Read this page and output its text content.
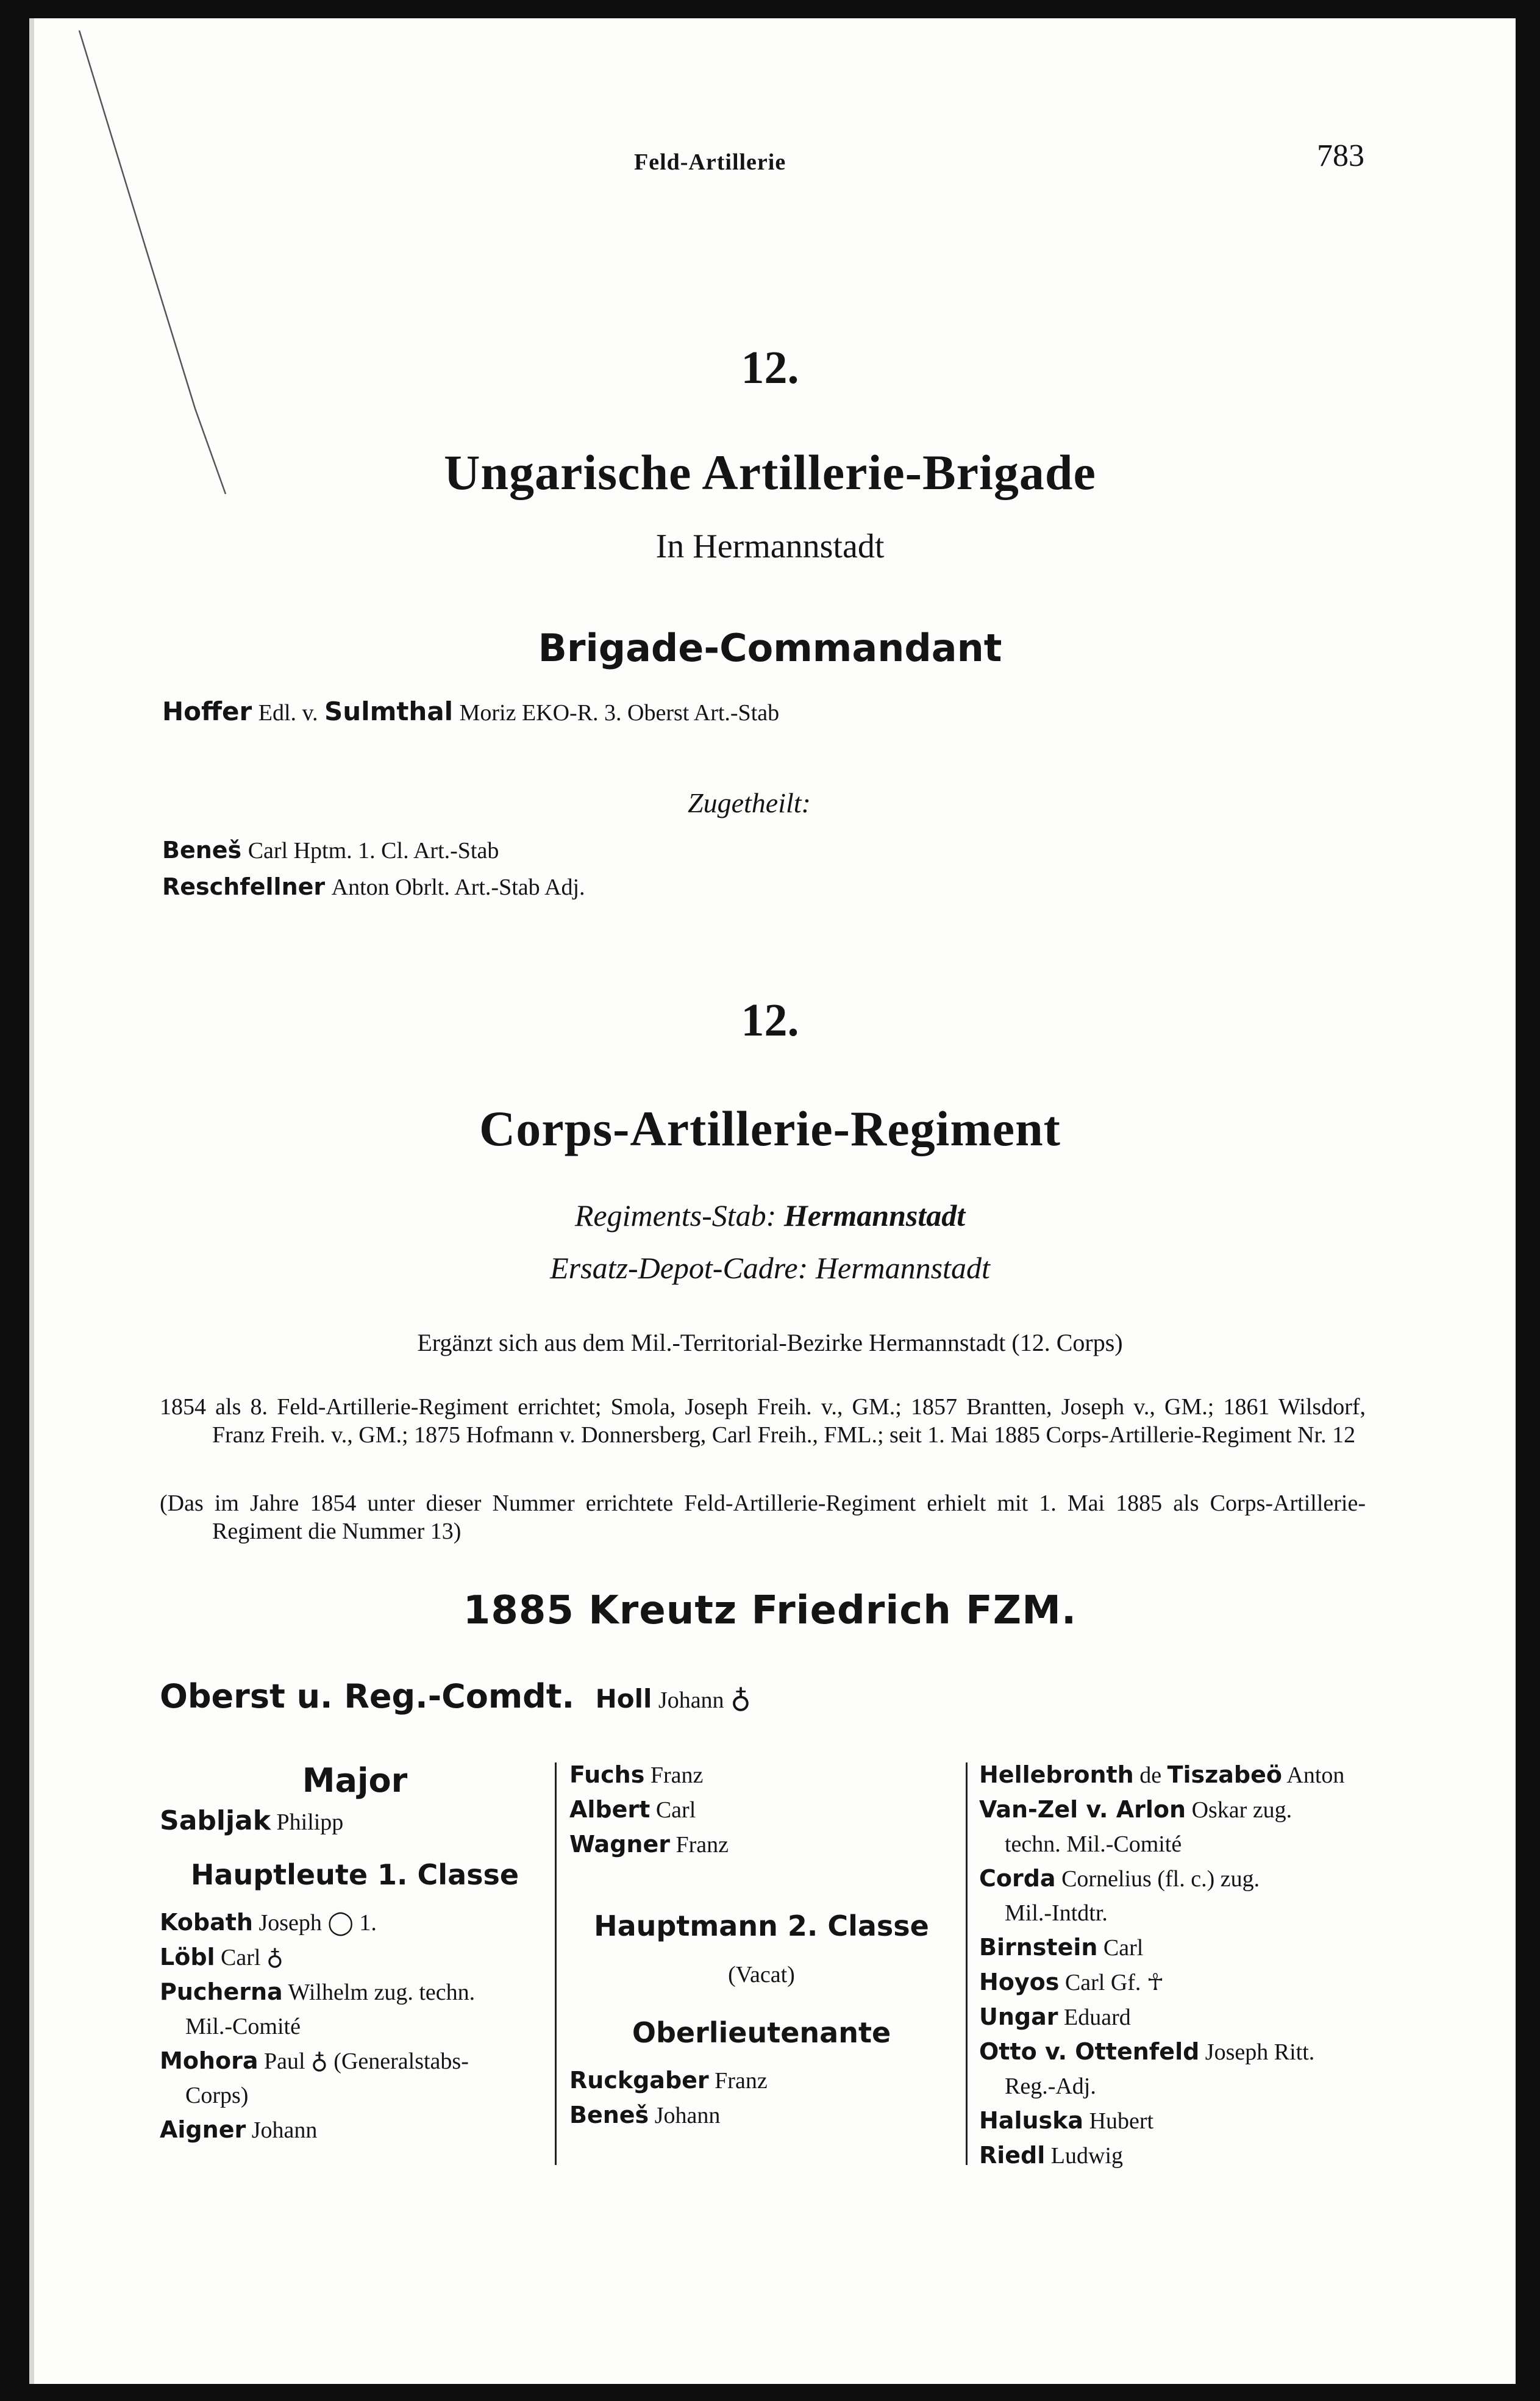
Feld-Artillerie	783
12.
Ungarische Artillerie-Brigade
In Hermannstadt
Brigade-Commandant
Hoffer Edl. v. Sulmthal Moriz EKO-R. 3. Oberst Art.-Stab
Zugetheilt:
Beneš Carl Hptm. 1. Cl. Art.-Stab
Reschfellner Anton Obrlt. Art.-Stab Adj.
12.
Corps-Artillerie-Regiment
Regiments-Stab: Hermannstadt
Ersatz-Depot-Cadre: Hermannstadt
Ergänzt sich aus dem Mil.-Territorial-Bezirke Hermannstadt (12. Corps)
1854 als 8. Feld-Artillerie-Regiment errichtet; Smola, Joseph Freih. v., GM.; 1857 Brantten, Joseph v., GM.; 1861 Wilsdorf, Franz Freih. v., GM.; 1875 Hofmann v. Donnersberg, Carl Freih., FML.; seit 1. Mai 1885 Corps-Artillerie-Regiment Nr. 12
(Das im Jahre 1854 unter dieser Nummer errichtete Feld-Artillerie-Regiment erhielt mit 1. Mai 1885 als Corps-Artillerie-Regiment die Nummer 13)
1885 Kreutz Friedrich FZM.
Oberst u. Reg.-Comdt. Holl Johann ♁
Major
Sabljak Philipp
Hauptleute 1. Classe
Kobath Joseph ◯ 1.
Löbl Carl ♁
Pucherna Wilhelm zug. techn.
Mil.-Comité
Mohora Paul ♁ (Generalstabs-
Corps)
Aigner Johann
Fuchs Franz
Albert Carl
Wagner Franz
Hauptmann 2. Classe
(Vacat)
Oberlieutenante
Ruckgaber Franz
Beneš Johann
Hellebronth de Tiszabeö Anton
Van-Zel v. Arlon Oskar zug.
techn. Mil.-Comité
Corda Cornelius (fl. c.) zug.
Mil.-Intdtr.
Birnstein Carl
Hoyos Carl Gf. ☥
Ungar Eduard
Otto v. Ottenfeld Joseph Ritt.
Reg.-Adj.
Haluska Hubert
Riedl Ludwig
